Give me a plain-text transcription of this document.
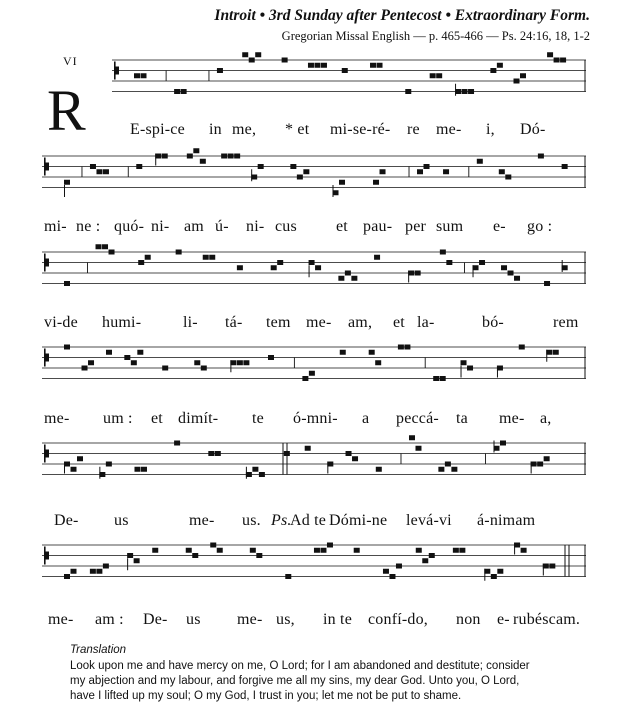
Introit • 3rd Sunday after Pentecost • Extraordinary Form.
Gregorian Missal English — p. 465-466 — Ps. 24:16, 18, 1-2
VI
R	E-spi-ce in me, * et mi-se-ré- re me- i, Dó-
mi- ne : quó- ni- am ú- ni- cus et pau- per sum e- go :
vi-de humi-	li- tá- tem me- am, et la-	bó-	rem
me- um : et dimít- te ó-mni- a peccá- ta me- a,
De- us	me- us. Ps.
Ad te Dómi-ne levá-vi á-nimam
me- am : De- us me- us, in te confí-do, non e- rubéscam.
Translation
Look upon me and have mercy on me, O Lord; for I am abandoned and destitute; consider my abjection and my labour, and forgive me all my sins, my dear God. Unto you, O Lord, have I lifted up my soul; O my God, I trust in you; let me not be put to shame.
